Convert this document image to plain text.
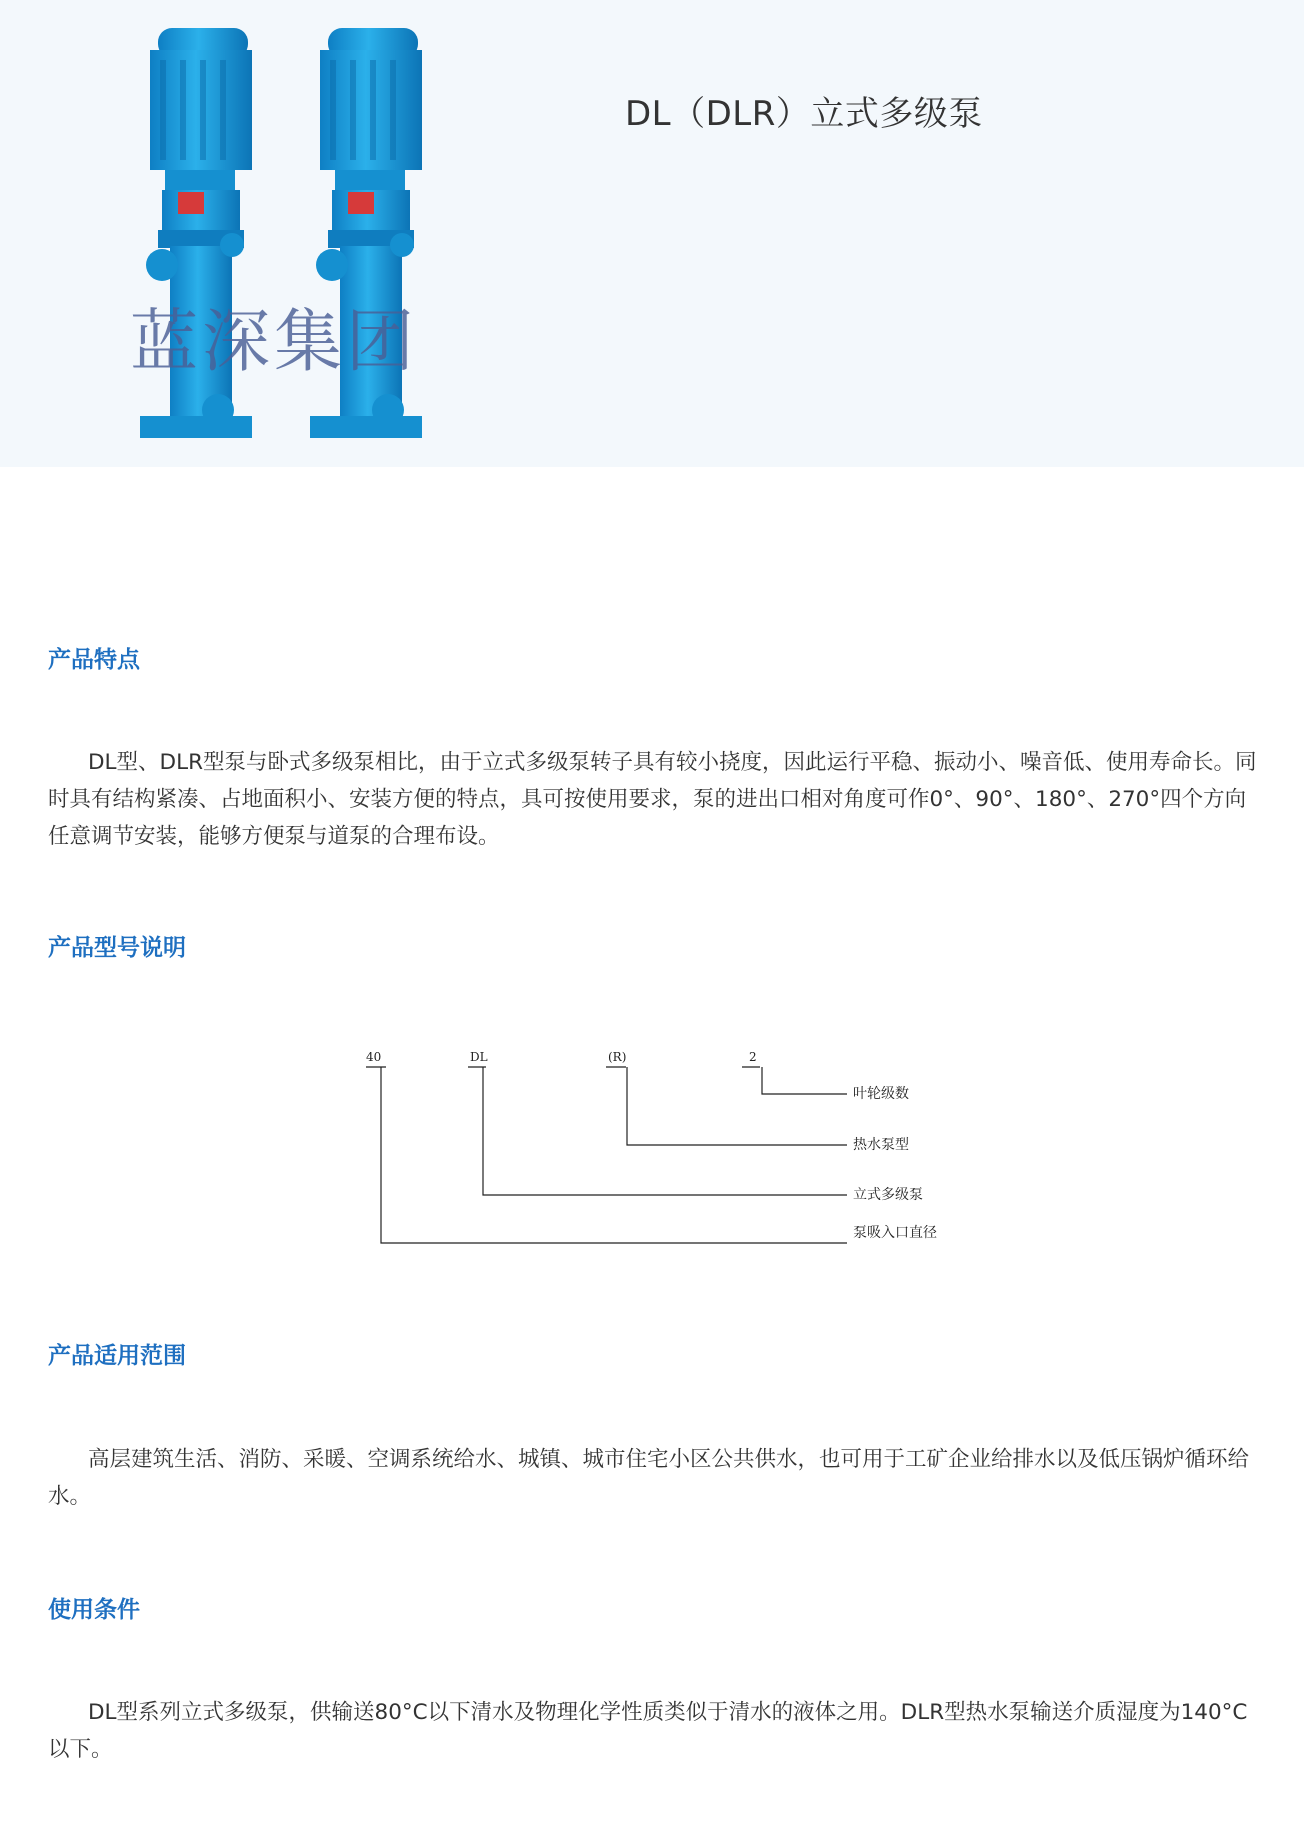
蓝深集团
DL（DLR）立式多级泵
产品特点

DL型、DLR型泵与卧式多级泵相比，由于立式多级泵转子具有较小挠度，因此运行平稳、振动小、噪音低、使用寿命长。同时具有结构紧凑、占地面积小、安装方便的特点，具可按使用要求，泵的进出口相对角度可作0°、90°、180°、270°四个方向任意调节安装，能够方便泵与道泵的合理布设。

产品型号说明
40	DL	(R)	2
叶轮级数
热水泵型
立式多级泵
泵吸入口直径
产品适用范围

高层建筑生活、消防、采暖、空调系统给水、城镇、城市住宅小区公共供水，也可用于工矿企业给排水以及低压锅炉循环给水。

使用条件

DL型系列立式多级泵，供输送80°C以下清水及物理化学性质类似于清水的液体之用。DLR型热水泵输送介质湿度为140°C以下。
